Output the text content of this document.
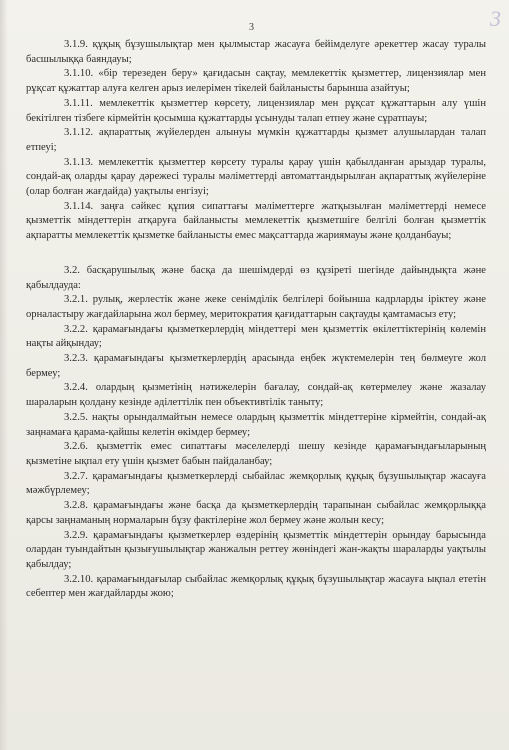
3	3

3.1.9. құқық бұзушылықтар мен қылмыстар жасауға бейімделуге әрекеттер жасау туралы басшылыққа баяндауы;

3.1.10. «бір терезеден беру» қағидасын сақтау, мемлекеттік қызметтер, лицензиялар мен рұқсат құжаттар алуға келген арыз иелерімен тікелей байланысты барынша азайтуы;

3.1.11. мемлекеттік қызметтер көрсету, лицензиялар мен рұқсат құжаттарын алу үшін бекітілген тізбеге кірмейтін қосымша құжаттарды ұсынуды талап етпеу және сұратпауы;

3.1.12. ақпараттық жүйелерден алынуы мүмкін құжаттарды қызмет алушылардан талап етпеуі;

3.1.13. мемлекеттік қызметтер көрсету туралы қарау үшін қабылданған арыздар туралы, сондай-ақ оларды қарау дәрежесі туралы мәліметтерді автоматтандырылған ақпараттық жүйелеріне (олар болған жағдайда) уақтылы енгізуі;

3.1.14. заңға сәйкес құпия сипаттағы мәліметтерге жатқызылған мәліметтерді немесе қызметтік міндеттерін атқаруға байланысты мемлекеттік қызметшіге белгілі болған қызметтік ақпаратты мемлекеттік қызметке байланысты емес мақсаттарда жариямауы және қолданбауы;

3.2. басқарушылық және басқа да шешімдерді өз құзіреті шегінде дайындықта және қабылдауда:

3.2.1. рулық, жерлестік және жеке сенімділік белгілері бойынша кадрларды іріктеу және орналастыру жағдайларына жол бермеу, меритократия қағидаттарын сақтауды қамтамасыз ету;

3.2.2. қарамағындағы қызметкерлердің міндеттері мен қызметтік өкілеттіктерінің көлемін нақты айқындау;

3.2.3. қарамағындағы қызметкерлердің арасында еңбек жүктемелерін тең бөлмеуге жол бермеу;

3.2.4. олардың қызметінің нәтижелерін бағалау, сондай-ақ көтермелеу және жазалау шараларын қолдану кезінде әділеттілік пен объективтілік таныту;

3.2.5. нақты орындалмайтын немесе олардың қызметтік міндеттеріне кірмейтін, сондай-ақ заңнамаға қарама-қайшы келетін өкімдер бермеу;

3.2.6. қызметтік емес сипаттағы мәселелерді шешу кезінде қарамағындағыларының қызметіне ықпал ету үшін қызмет бабын пайдаланбау;

3.2.7. қарамағындағы қызметкерлерді сыбайлас жемқорлық құқық бұзушылықтар жасауға мәжбүрлемеу;

3.2.8. қарамағындағы және басқа да қызметкерлердің тарапынан сыбайлас жемқорлыққа қарсы заңнаманың нормаларын бұзу фактілеріне жол бермеу және жолын кесу;

3.2.9. қарамағындағы қызметкерлер өздерінің қызметтік міндеттерін орындау барысында олардан туындайтын қызығушылықтар жанжалын реттеу жөніндегі жан-жақты шараларды уақтылы қабылдау;

3.2.10. қарамағындағылар сыбайлас жемқорлық құқық бұзушылықтар жасауға ықпал ететін себептер мен жағдайларды жою;
